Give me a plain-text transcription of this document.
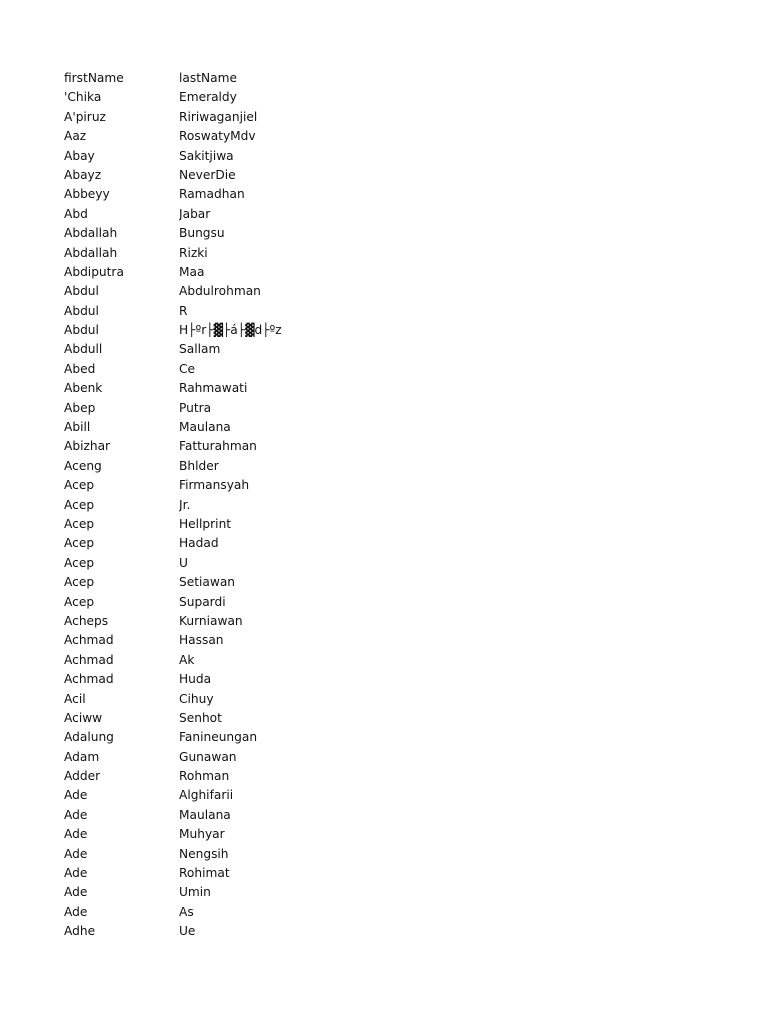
firstName	lastName
'Chika	Emeraldy
A'piruz	Ririwaganjiel
Aaz	RoswatyMdv
Abay	Sakitjiwa
Abayz	NeverDie
Abbeyy	Ramadhan
Abd	Jabar
Abdallah	Bungsu
Abdallah	Rizki
Abdiputra	Maa
Abdul	Abdulrohman
Abdul	R
Abdul	H├ºr├▓├á├▓d├ºz
Abdull	Sallam
Abed	Ce
Abenk	Rahmawati
Abep	Putra
Abill	Maulana
Abizhar	Fatturahman
Aceng	Bhlder
Acep	Firmansyah
Acep	Jr.
Acep	Hellprint
Acep	Hadad
Acep	U
Acep	Setiawan
Acep	Supardi
Acheps	Kurniawan
Achmad	Hassan
Achmad	Ak
Achmad	Huda
Acil	Cihuy
Aciww	Senhot
Adalung	Fanineungan
Adam	Gunawan
Adder	Rohman
Ade	Alghifarii
Ade	Maulana
Ade	Muhyar
Ade	Nengsih
Ade	Rohimat
Ade	Umin
Ade	As
Adhe	Ue
